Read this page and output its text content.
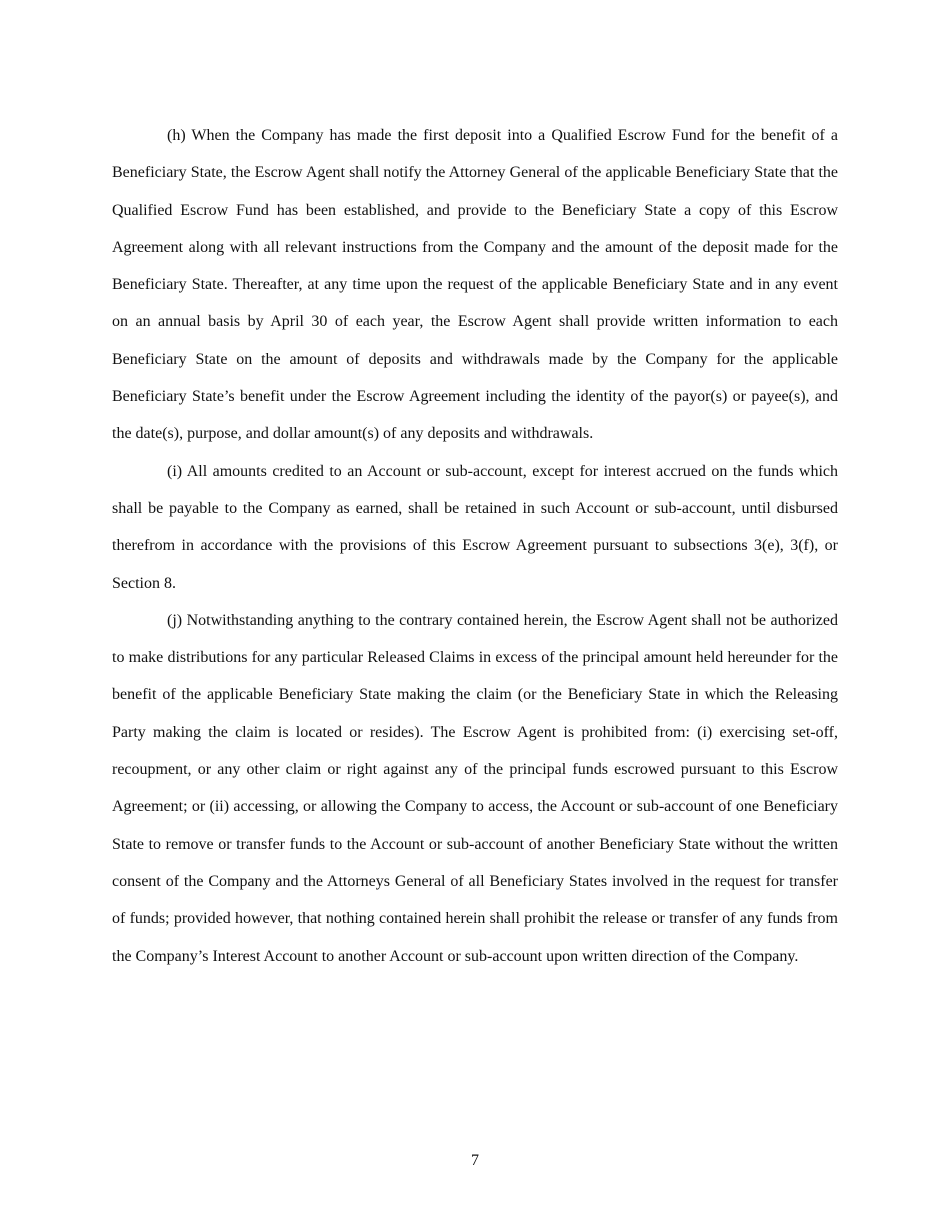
(h) When the Company has made the first deposit into a Qualified Escrow Fund for the benefit of a Beneficiary State, the Escrow Agent shall notify the Attorney General of the applicable Beneficiary State that the Qualified Escrow Fund has been established, and provide to the Beneficiary State a copy of this Escrow Agreement along with all relevant instructions from the Company and the amount of the deposit made for the Beneficiary State. Thereafter, at any time upon the request of the applicable Beneficiary State and in any event on an annual basis by April 30 of each year, the Escrow Agent shall provide written information to each Beneficiary State on the amount of deposits and withdrawals made by the Company for the applicable Beneficiary State’s benefit under the Escrow Agreement including the identity of the payor(s) or payee(s), and the date(s), purpose, and dollar amount(s) of any deposits and withdrawals.

(i) All amounts credited to an Account or sub-account, except for interest accrued on the funds which shall be payable to the Company as earned, shall be retained in such Account or sub-account, until disbursed therefrom in accordance with the provisions of this Escrow Agreement pursuant to subsections 3(e), 3(f), or Section 8.

(j) Notwithstanding anything to the contrary contained herein, the Escrow Agent shall not be authorized to make distributions for any particular Released Claims in excess of the principal amount held hereunder for the benefit of the applicable Beneficiary State making the claim (or the Beneficiary State in which the Releasing Party making the claim is located or resides). The Escrow Agent is prohibited from: (i) exercising set-off, recoupment, or any other claim or right against any of the principal funds escrowed pursuant to this Escrow Agreement; or (ii) accessing, or allowing the Company to access, the Account or sub-account of one Beneficiary State to remove or transfer funds to the Account or sub-account of another Beneficiary State without the written consent of the Company and the Attorneys General of all Beneficiary States involved in the request for transfer of funds; provided however, that nothing contained herein shall prohibit the release or transfer of any funds from the Company’s Interest Account to another Account or sub-account upon written direction of the Company.

7
